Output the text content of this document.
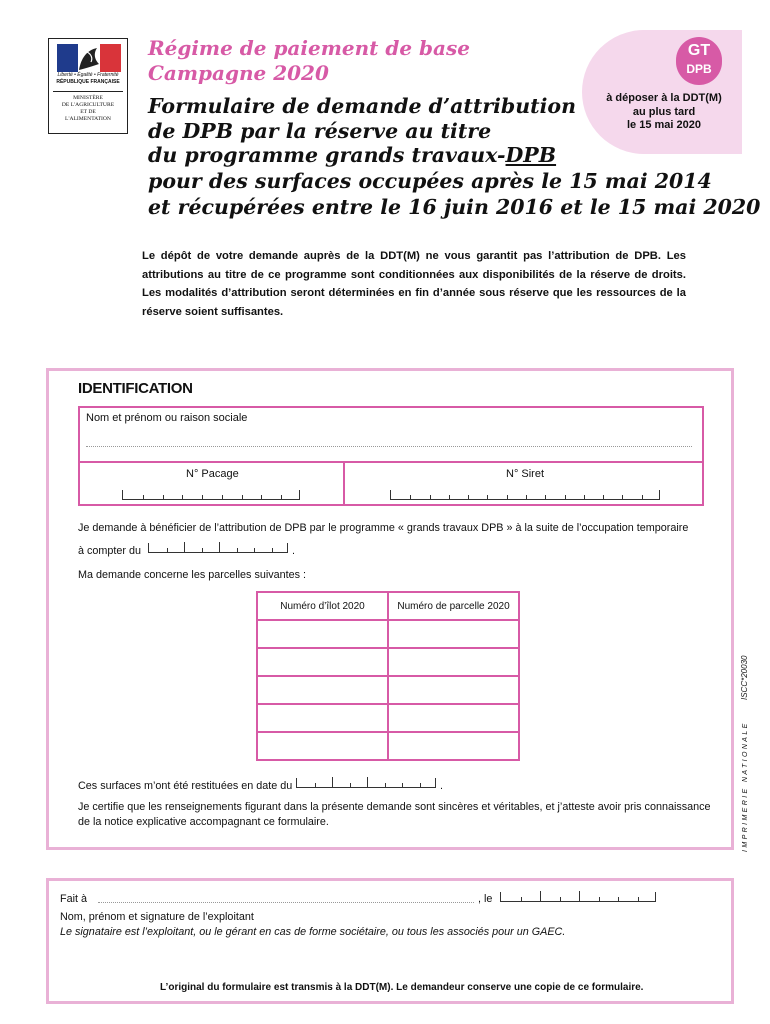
Liberté • Égalité • Fraternité
RÉPUBLIQUE FRANÇAISE
MINISTÈRE
DE L'AGRICULTURE
ET DE
L'ALIMENTATION
Régime de paiement de base
Campagne 2020
GT
DPB
à déposer à la DDT(M)
au plus tard
le 15 mai 2020
Formulaire de demande d’attribution
de DPB par la réserve au titre
du programme grands travaux-DPB
pour des surfaces occupées après le 15 mai 2014
et récupérées entre le 16 juin 2016 et le 15 mai 2020
Le dépôt de votre demande auprès de la DDT(M) ne vous garantit pas l’attribution de DPB. Les attributions au titre de ce programme sont conditionnées aux disponibilités de la réserve de droits. Les modalités d’attribution seront déterminées en fin d’année sous réserve que les ressources de la réserve soient suffisantes.
IDENTIFICATION
Nom et prénom ou raison sociale
N° Pacage	N° Siret
Je demande à bénéficier de l’attribution de DPB par le programme « grands travaux DPB » à la suite de l’occupation temporaire
à compter du	.
Ma demande concerne les parcelles suivantes :
Numéro d’îlot 2020	Numéro de parcelle 2020

Ces surfaces m’ont été restituées en date du	.
Je certifie que les renseignements figurant dans la présente demande sont sincères et véritables, et j’atteste avoir pris connaissance
de la notice explicative accompagnant ce formulaire.	IMPRIMERIE NATIONALE
ISCC*20030
Fait à	, le
Nom, prénom et signature de l’exploitant
Le signataire est l’exploitant, ou le gérant en cas de forme sociétaire, ou tous les associés pour un GAEC.
L’original du formulaire est transmis à la DDT(M). Le demandeur conserve une copie de ce formulaire.
